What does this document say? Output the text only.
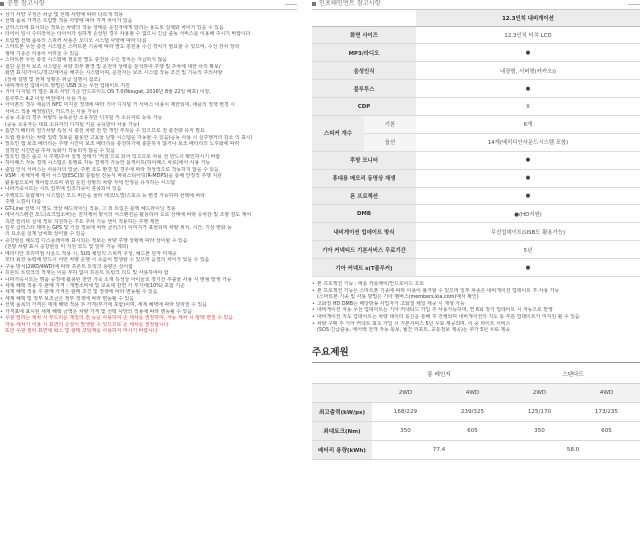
공통 참고사항
• 상기 사양 구성은 차급 및 선택 사양에 따라 다르게 적용
• 선택 품목 가격은 트림별 적용 사양에 따라 가격 차이가 있음
• 클러스터에 표시되는 정보는 차량의 작동 상태를 운전자에게 알리는 용도로 실제와 차이가 있을 수 있음
• 타이어 임시 수리장치는 타이어가 심하게 손상된 경우 사용할 수 없으니 긴급 출동 서비스를 이용해 주시기 바랍니다
• 트림별 선택 품목의 스피커 사용은 오디오 시스템 사양에 따라 다름
• 스마트폰 무선 충전 시스템은 스마트폰 기종에 따라 별도 충전용 수신 장치가 필요할 수 있으며, 수신 장치 장착
형태 기종은 이용이 어려울 수 있음
• 스마트폰 무선 충전 시스템에 필요한 별도 충전용 수신 장치는 지급하지 않음
• 첨단 운전자 보조 시스템은 차량 외부 환경 및 운전자 상태를 분석하여 주행 및 주차에 대한 사의 확보/
화면 표시/가이드/경고/제어를 해주는 시스템이며, 운전자는 보조 시스템 작동 조건 및 기능의 주의사항
(상세 설명 및 한계 상황은 취급 설명서 참조)
• 내비게이션 업데이트 방법은 USB 또는 무선 업데이트 지원
• 기아 디지털 키 앱은 최소 사양 기준 안드로이드 OS 7.0(Nougat, 2016년 8월 22일 배포) 이상,
블루투스 4.2 이상 버전에서 사용 가능
• 아이폰의 경우 애플의 NFC 미지원 정책에 따라 기아 디지털 키 서비스 이용이 제한되며, 애플의 정책 변경 시
서비스 적용 예정임(단, 카드키는 사용 가능)
• 공동 소유의 경우 차량의 등록증상 소유자만 디지털 키 소유자로 등록 가능
(공동 소유자는 대표 소유자의 디지털 키를 공유받아 사용 가능)
• 흡연기 배터리 전기차량 특성 시 충전 차량 전 반 개인 부착을 수 있으므로 전 충전량 유지 필요
• 트립 컴퓨터는 차량 입력 정보를 활용한 고효율 난방 시스템을 가동할 수 있음(공동 사용 시 실주행거리 감소 의 표시)
• 빌트인 캠 보조 배터리는 주행 시간이 보조 배터리를 충전하기에 충분하지 않거나 보조 배터리의 노후화에 따라
설정한 시간만큼 주차 녹화가 작동되지 않을 수 있음
• 빌트인 캠은 출고 시 주행/주차 설정 상태가 '켜짐'으로 되어 있으므로 사용 전 반드시 확인하시기 바람
• 하이패스 자동 결제 시스템은 통행료 자동 결제가 가능한 톨게이트(하이패스 차로)에서 사용 가능
• 출입 인식 서비스는 사용자의 얼굴, 주변 조도 환경 및 경우에 따라 정상적으로 작동하지 않을 수 있음
• VSM : 차체자세 제어 시스템(ESC)와 통합된 전동식 파워스티어링(R-MDPS)을 통해 안정적 주행 지원
활용함으로써 제어함으로써 위험 운전 상황의 차량 자세 안정을 유지하는 시스템
• 나파가죽시트는 시트 일부에 인조가죽이 혼용되어 있음
• 주행모드 통합제어 시스템은 모드 버튼을 눌러 에코/노멀/스포츠 등 변경 가능하며 선택에 따라
주행 느낌이 다름
• GT-Line 선택 시 별도 색상 헤드라이닝 적용, 그 외 트림은 블랙 헤드라이닝 적용
• 에어서스펜션 모드(쇼크업소버)는 전자제어 방식의 서스펜션을 활용하여 도로 상태에 따라 승차감 및 조향 감도 제어
측면 슬리브 실내 정보 지원하는 주요 주차 기능 센서 적용하는 주행 제한
• 일부 클러스터 테마는 GPS 및 기상 정보에 따라 클러스터 이미지가 표현되며 차량 위치, 시간, 기상 변화 등
의 요소를 실제 날씨와 상이할 수 있음
• 증강현실 헤드업 디스플레이에 표시되는 정보는 차량 주행 상황에 따라 상이할 수 있음
(전방 차량 표시 증강현실 미 지원 모드 및 일부 기능 제외)
• 메리디안 프리미엄 사운드 적용 시, SUS 채널의 스피커 구성, 헤드폰 단자 미제공
모터 회전 동력에 반드시 어떤 차량 운행 시 소음이 발생할 수 있으며 음질의 차이가 있을 수 있음
• 구동 방식(2WD/4WD)에 따라 프론트 트렁크 용량은 상이함
• 프론트 트렁크의 적재는 이를 부하 없이 프론트 트렁크 리드 및 사용하여야 함
• 나파가죽시트는 명품 공정에 활용된 천연 가죽 소재 특성상 아이들로 장기간 추출물 사용 시 변형 발생 가능
• 세제 혜택 적용 후 판매 가격 : 개별소비세 및 교육세 감면 가 부가세(10%) 포함 기준
• 세제 혜택 적용 후 판매 가격은 판매 조건 및 정책에 따라 변동될 수 있음
• 세제 혜택 및 정부 보조금은 정부 정책에 따라 변동될 수 있음
• 선택 품목의 가격은 세제 혜택 적용 후 가격(부가세 포함)이며, 세제 혜택에 따라 달라질 수 있음
• 가격표에 표시된 세제 혜택 금액은 차량 가격 및 선택 사양의 적용에 따라 변동될 수 있음
• 무광 컬러는 세차 시 부드러운 재질의 천 등을 사용하여 손 세차를 권장하며, 자동 세차 시 광택 변질 수 있음
자동 세차기 이용 시 표면의 손상이 발생할 수 있으므로 손 세차를 권장합니다
또한 무광 컬러 표면에 왁스 및 광택 코팅제를 사용하지 마시기 바랍니다
인포테인먼트 참고사항
		12.3인치 내비게이션
화면 사이즈		12.3인치 터치 LCD
MP3/라디오		●
음성인식		내장형, 서버형(카카오i)
블루투스		●
CDP		X
스피커 개수	기본	6개
	옵션	14개(메리디안사운드시스템 포함)
후방 모니터		●
휴대용 메모리 동영상 재생		●
폰 프로젝션		●
DMB		●(HD지원)
내비게이션 업데이트 방식		무선업데이트(USB도 활용가능)
기아 커넥티드 기본서비스 무료기간		5년
기아 커넥트 s(T플루커)		●
• 폰 프로젝션 기능 : 애플 카플레이/안드로이드 오토
• 폰 프로젝션 기능은 스마트폰 기종에 따라 이용이 불가할 수 있으며 일부 차종은 내비게이션 업데이트 후 사용 가능
(스마트폰 기종 및 사용 방법은 기아 멤버스(members.kia.com)에서 확인)
• 고화질 HD DMB는 해당방송 사업자가 고화질 채널 제공 시 재생 가능
• 내비게이션 자동 무선 업데이트는 기아 커넥티드 가입 후 사용가능하며, 연 6회 정기 업데이트 시 자동으로 반영
• 내비게이션 지도 업데이트는 차량 데이터 통신을 통해 후 진행되며 내비게이션의 지도 통 부분 업데이트가 미지원 될 수 있음
• 차량 구매 후 기아 커넥트 최초 가입 시 기본서비스 5년 무료 제공되며, 이 중 라이트 서비스
(SOS 긴급출동, 에어백 전개 자동 통보, 월간 리포트, 교통정보 제공)는 추가 5년 무료 제공
주요제원
	롱 레인지		스탠다드	
	2WD	4WD	2WD	4WD
최고출력(kW/ps)	168/229	239/325	125/170	173/235
최대토크(Nm)	350	605	350	605
배터리 용량(kWh)	77.4		58.0	
